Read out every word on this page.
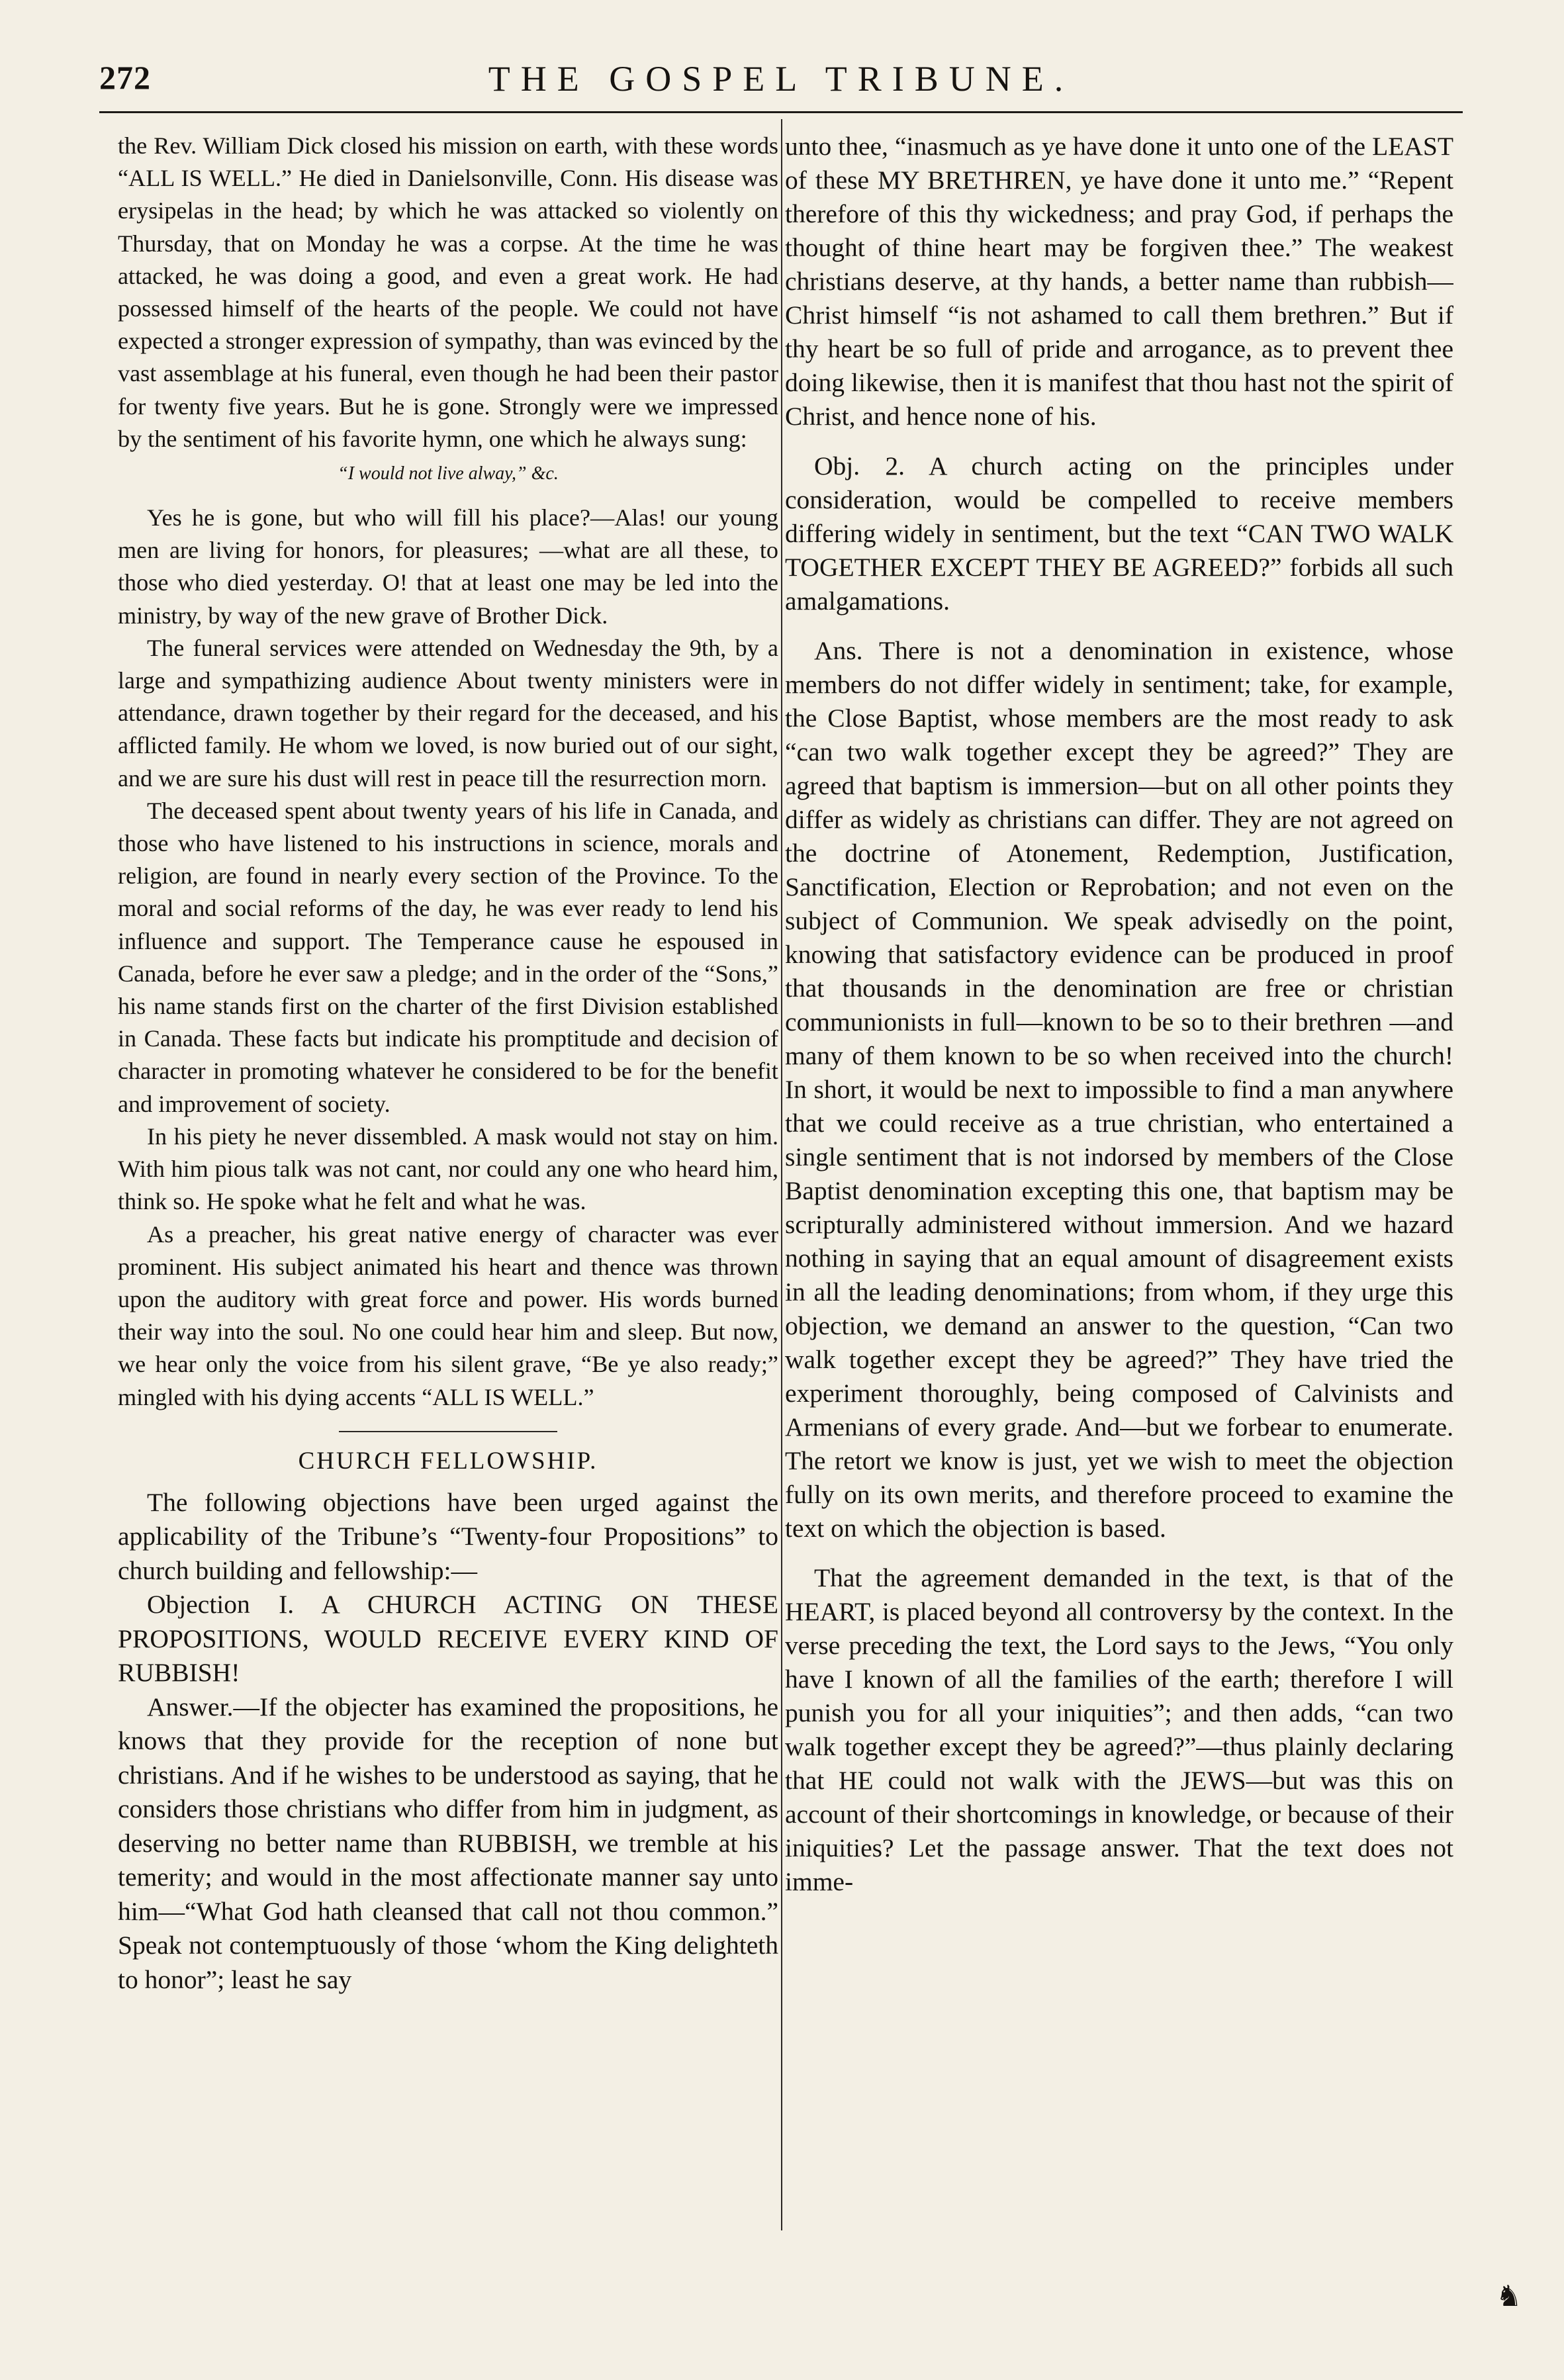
272	THE GOSPEL TRIBUNE.

the Rev. William Dick closed his mission on earth, with these words “ALL IS WELL.” He died in Danielsonville, Conn. His disease was erysipelas in the head; by which he was attacked so violently on Thursday, that on Monday he was a corpse. At the time he was attacked, he was doing a good, and even a great work. He had possessed himself of the hearts of the people. We could not have expected a stronger expression of sympathy, than was evinced by the vast assemblage at his funeral, even though he had been their pastor for twenty five years. But he is gone. Strongly were we impressed by the sentiment of his favorite hymn, one which he always sung:

“I would not live alway,” &c.

Yes he is gone, but who will fill his place?—Alas! our young men are living for honors, for pleasures; —what are all these, to those who died yesterday. O! that at least one may be led into the ministry, by way of the new grave of Brother Dick.

The funeral services were attended on Wednesday the 9th, by a large and sympathizing audience About twenty ministers were in attendance, drawn together by their regard for the deceased, and his afflicted family. He whom we loved, is now buried out of our sight, and we are sure his dust will rest in peace till the resurrection morn.

The deceased spent about twenty years of his life in Canada, and those who have listened to his instructions in science, morals and religion, are found in nearly every section of the Province. To the moral and social reforms of the day, he was ever ready to lend his influence and support. The Temperance cause he espoused in Canada, before he ever saw a pledge; and in the order of the “Sons,” his name stands first on the charter of the first Division established in Canada. These facts but indicate his promptitude and decision of character in promoting whatever he considered to be for the benefit and improvement of society.

In his piety he never dissembled. A mask would not stay on him. With him pious talk was not cant, nor could any one who heard him, think so. He spoke what he felt and what he was.

As a preacher, his great native energy of character was ever prominent. His subject animated his heart and thence was thrown upon the auditory with great force and power. His words burned their way into the soul. No one could hear him and sleep. But now, we hear only the voice from his silent grave, “Be ye also ready;” mingled with his dying accents “ALL IS WELL.”

CHURCH FELLOWSHIP.

The following objections have been urged against the applicability of the Tribune’s “Twenty-four Propositions” to church building and fellowship:—

Objection I. A CHURCH ACTING ON THESE PROPOSITIONS, WOULD RECEIVE EVERY KIND OF RUBBISH!

Answer.—If the objecter has examined the propositions, he knows that they provide for the reception of none but christians. And if he wishes to be understood as saying, that he considers those christians who differ from him in judgment, as deserving no better name than RUBBISH, we tremble at his temerity; and would in the most affectionate manner say unto him—“What God hath cleansed that call not thou common.” Speak not contemptuously of those ‘whom the King delighteth to honor”; least he say

unto thee, “inasmuch as ye have done it unto one of the LEAST of these MY BRETHREN, ye have done it unto me.” “Repent therefore of this thy wickedness; and pray God, if perhaps the thought of thine heart may be forgiven thee.” The weakest christians deserve, at thy hands, a better name than rubbish—Christ himself “is not ashamed to call them brethren.” But if thy heart be so full of pride and arrogance, as to prevent thee doing likewise, then it is manifest that thou hast not the spirit of Christ, and hence none of his.

Obj. 2. A church acting on the principles under consideration, would be compelled to receive members differing widely in sentiment, but the text “CAN TWO WALK TOGETHER EXCEPT THEY BE AGREED?” forbids all such amalgamations.

Ans. There is not a denomination in existence, whose members do not differ widely in sentiment; take, for example, the Close Baptist, whose members are the most ready to ask “can two walk together except they be agreed?” They are agreed that baptism is immersion—but on all other points they differ as widely as christians can differ. They are not agreed on the doctrine of Atonement, Redemption, Justification, Sanctification, Election or Reprobation; and not even on the subject of Communion. We speak advisedly on the point, knowing that satisfactory evidence can be produced in proof that thousands in the denomination are free or christian communionists in full—known to be so to their brethren —and many of them known to be so when received into the church! In short, it would be next to impossible to find a man anywhere that we could receive as a true christian, who entertained a single sentiment that is not indorsed by members of the Close Baptist denomination excepting this one, that baptism may be scripturally administered without immersion. And we hazard nothing in saying that an equal amount of disagreement exists in all the leading denominations; from whom, if they urge this objection, we demand an answer to the question, “Can two walk together except they be agreed?” They have tried the experiment thoroughly, being composed of Calvinists and Armenians of every grade. And—but we forbear to enumerate. The retort we know is just, yet we wish to meet the objection fully on its own merits, and therefore proceed to examine the text on which the objection is based.

That the agreement demanded in the text, is that of the HEART, is placed beyond all controversy by the context. In the verse preceding the text, the Lord says to the Jews, “You only have I known of all the families of the earth; therefore I will punish you for all your iniquities”; and then adds, “can two walk together except they be agreed?”—thus plainly declaring that HE could not walk with the JEWS—but was this on account of their shortcomings in knowledge, or because of their iniquities? Let the passage answer. That the text does not imme-

♞
